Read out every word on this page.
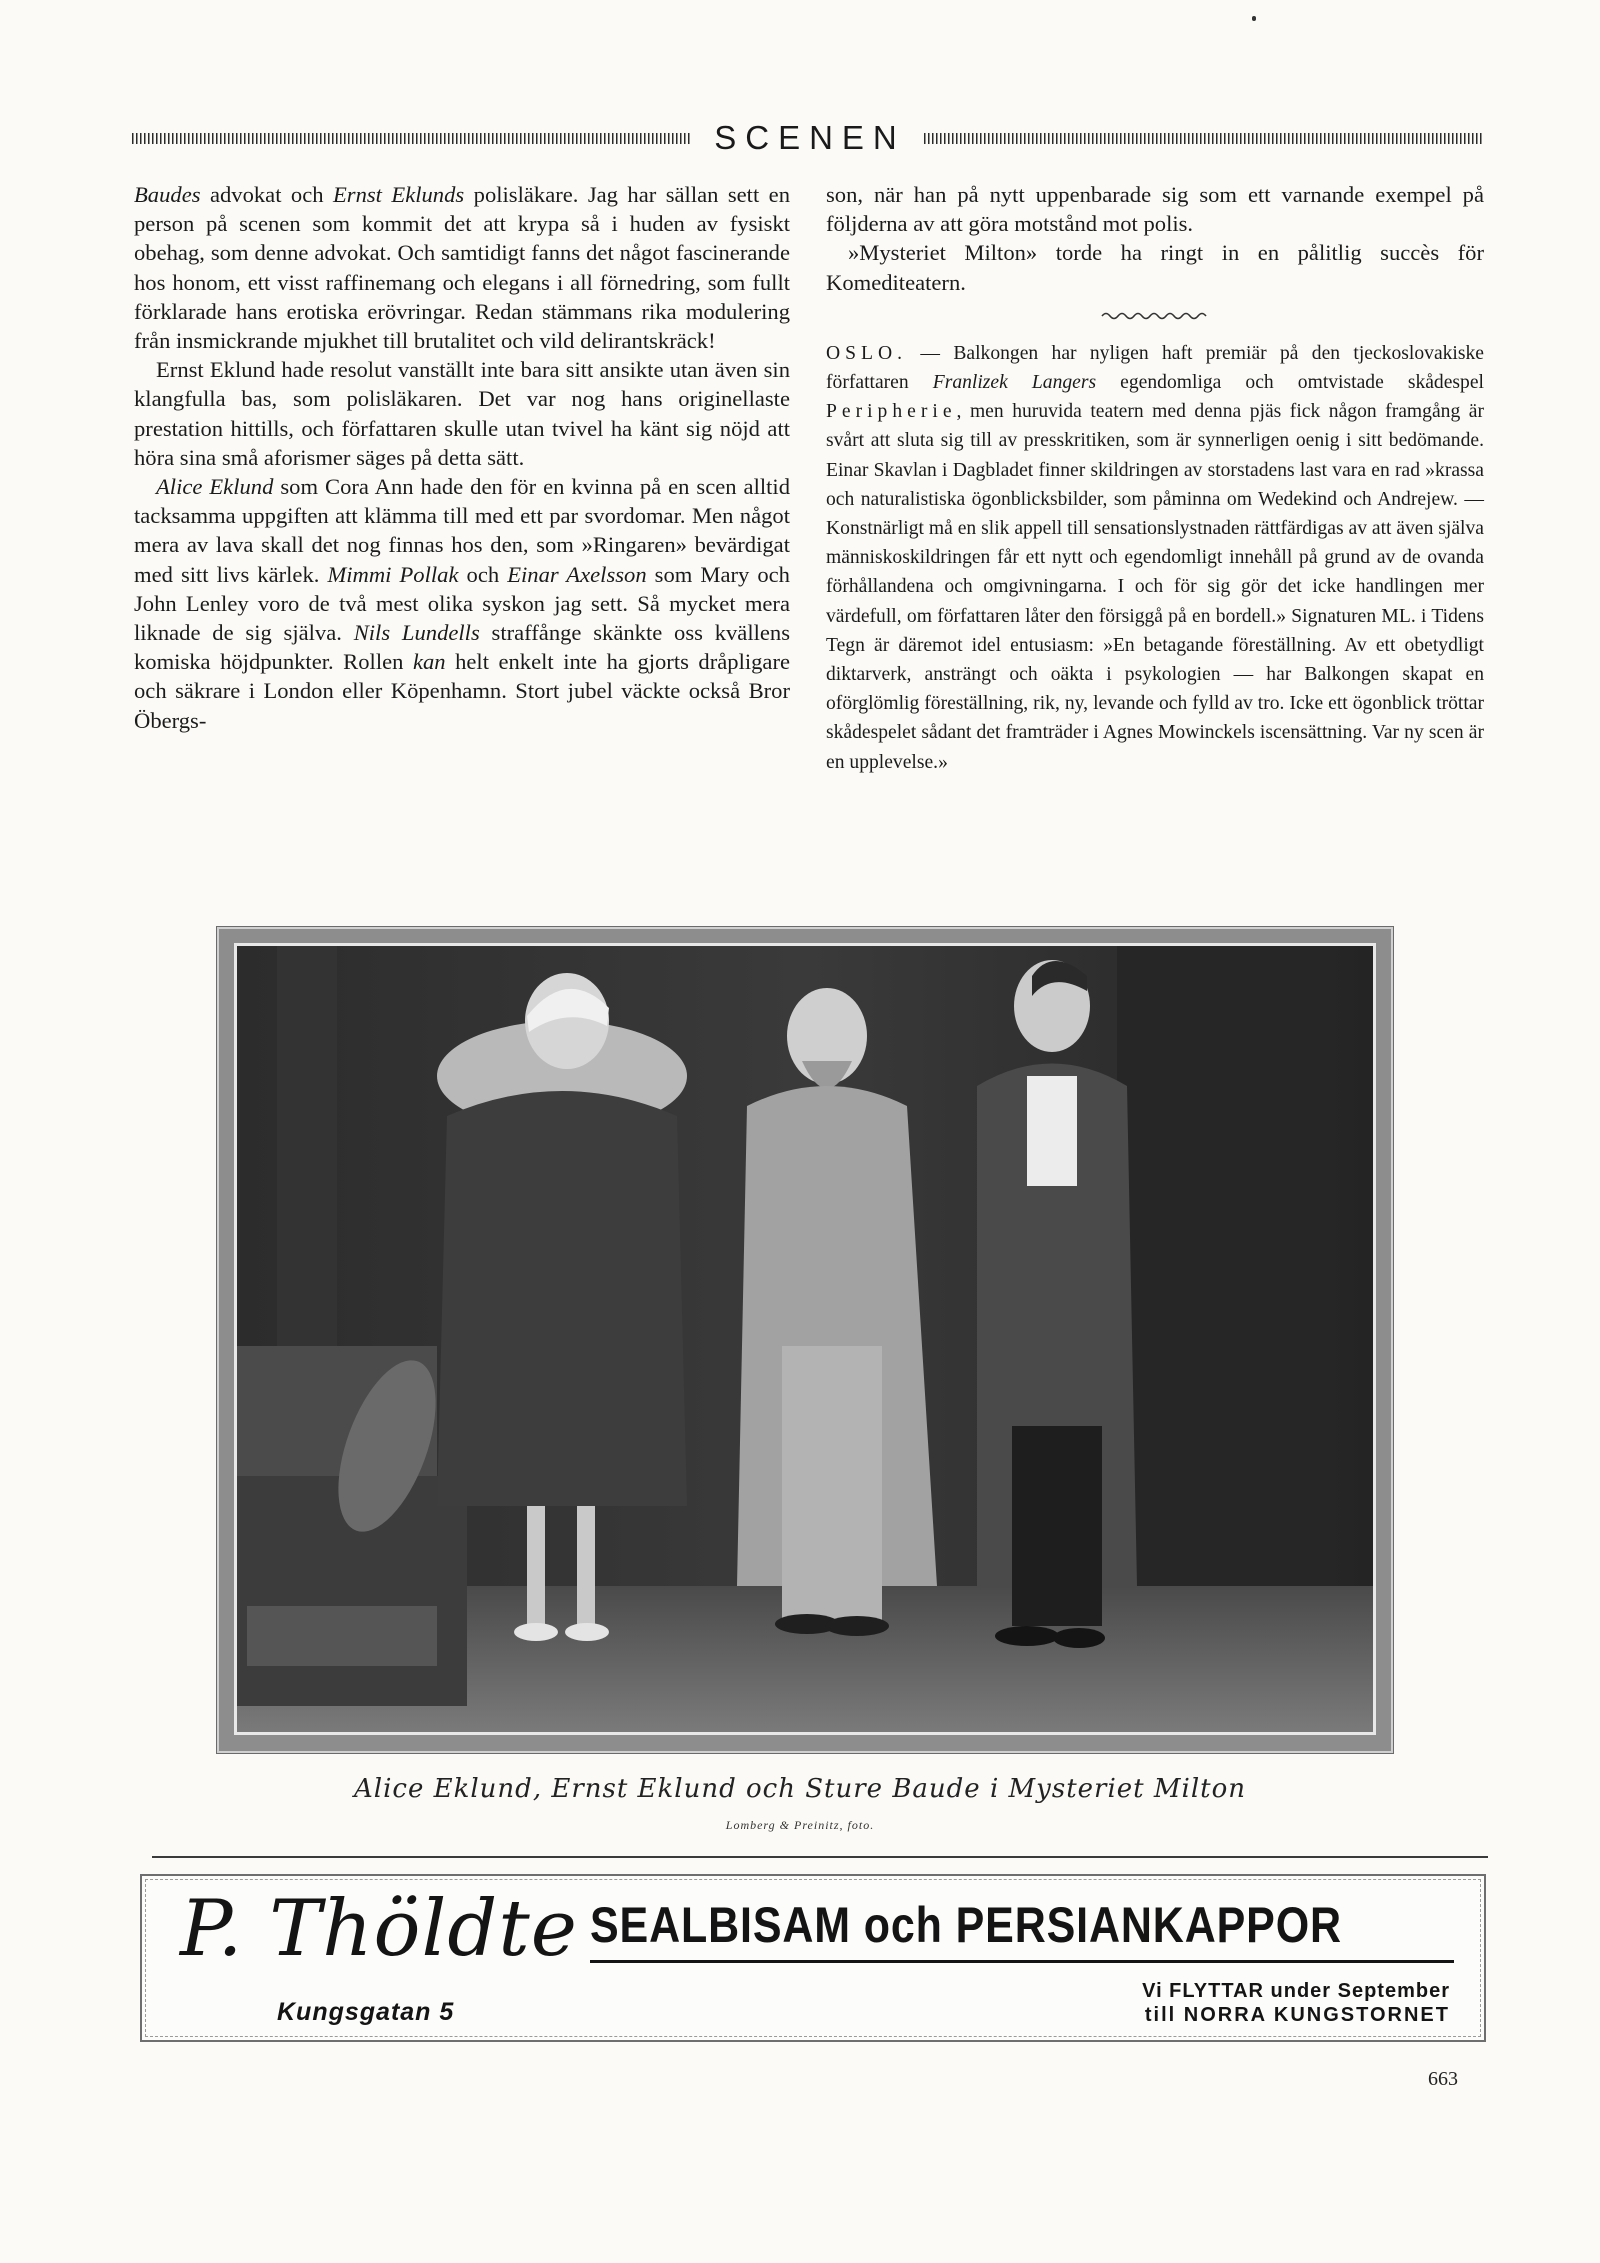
SCENEN

Baudes advokat och Ernst Eklunds polisläkare. Jag har sällan sett en person på scenen som kommit det att krypa så i huden av fysiskt obehag, som denne advokat. Och samtidigt fanns det något fascinerande hos honom, ett visst raffinemang och elegans i all förnedring, som fullt förklarade hans erotiska erövringar. Redan stämmans rika modulering från insmickrande mjukhet till brutalitet och vild delirantskräck!

Ernst Eklund hade resolut vanställt inte bara sitt ansikte utan även sin klangfulla bas, som polisläkaren. Det var nog hans originellaste prestation hittills, och författaren skulle utan tvivel ha känt sig nöjd att höra sina små aforismer säges på detta sätt.

Alice Eklund som Cora Ann hade den för en kvinna på en scen alltid tacksamma uppgiften att klämma till med ett par svordomar. Men något mera av lava skall det nog finnas hos den, som »Ringaren» bevärdigat med sitt livs kärlek. Mimmi Pollak och Einar Axelsson som Mary och John Lenley voro de två mest olika syskon jag sett. Så mycket mera liknade de sig själva. Nils Lundells straffånge skänkte oss kvällens komiska höjdpunkter. Rollen kan helt enkelt inte ha gjorts dråpligare och säkrare i London eller Köpenhamn. Stort jubel väckte också Bror Öbergs-

son, när han på nytt uppenbarade sig som ett varnande exempel på följderna av att göra motstånd mot polis.

»Mysteriet Milton» torde ha ringt in en pålitlig succès för Komediteatern.

OSLO. — Balkongen har nyligen haft premiär på den tjeckoslovakiske författaren Franlizek Langers egendomliga och omtvistade skådespel Peripherie, men huruvida teatern med denna pjäs fick någon framgång är svårt att sluta sig till av presskritiken, som är synnerligen oenig i sitt bedömande. Einar Skavlan i Dagbladet finner skildringen av storstadens last vara en rad »krassa och naturalistiska ögonblicksbilder, som påminna om Wedekind och Andrejew. — Konstnärligt må en slik appell till sensationslystnaden rättfärdigas av att även själva människoskildringen får ett nytt och egendomligt innehåll på grund av de ovanda förhållandena och omgivningarna. I och för sig gör det icke handlingen mer värdefull, om författaren låter den försiggå på en bordell.» Signaturen ML. i Tidens Tegn är däremot idel entusiasm: »En betagande föreställning. Av ett obetydligt diktarverk, ansträngt och oäkta i psykologien — har Balkongen skapat en oförglömlig föreställning, rik, ny, levande och fylld av tro. Icke ett ögonblick tröttar skådespelet sådant det framträder i Agnes Mowinckels iscensättning. Var ny scen är en upplevelse.»

Alice Eklund, Ernst Eklund och Sture Baude i Mysteriet Milton
Lomberg & Preinitz, foto.
P. Thöldte
Kungsgatan 5
SEALBISAM och PERSIANKAPPOR
Vi FLYTTAR under September
till NORRA KUNGSTORNET
663
